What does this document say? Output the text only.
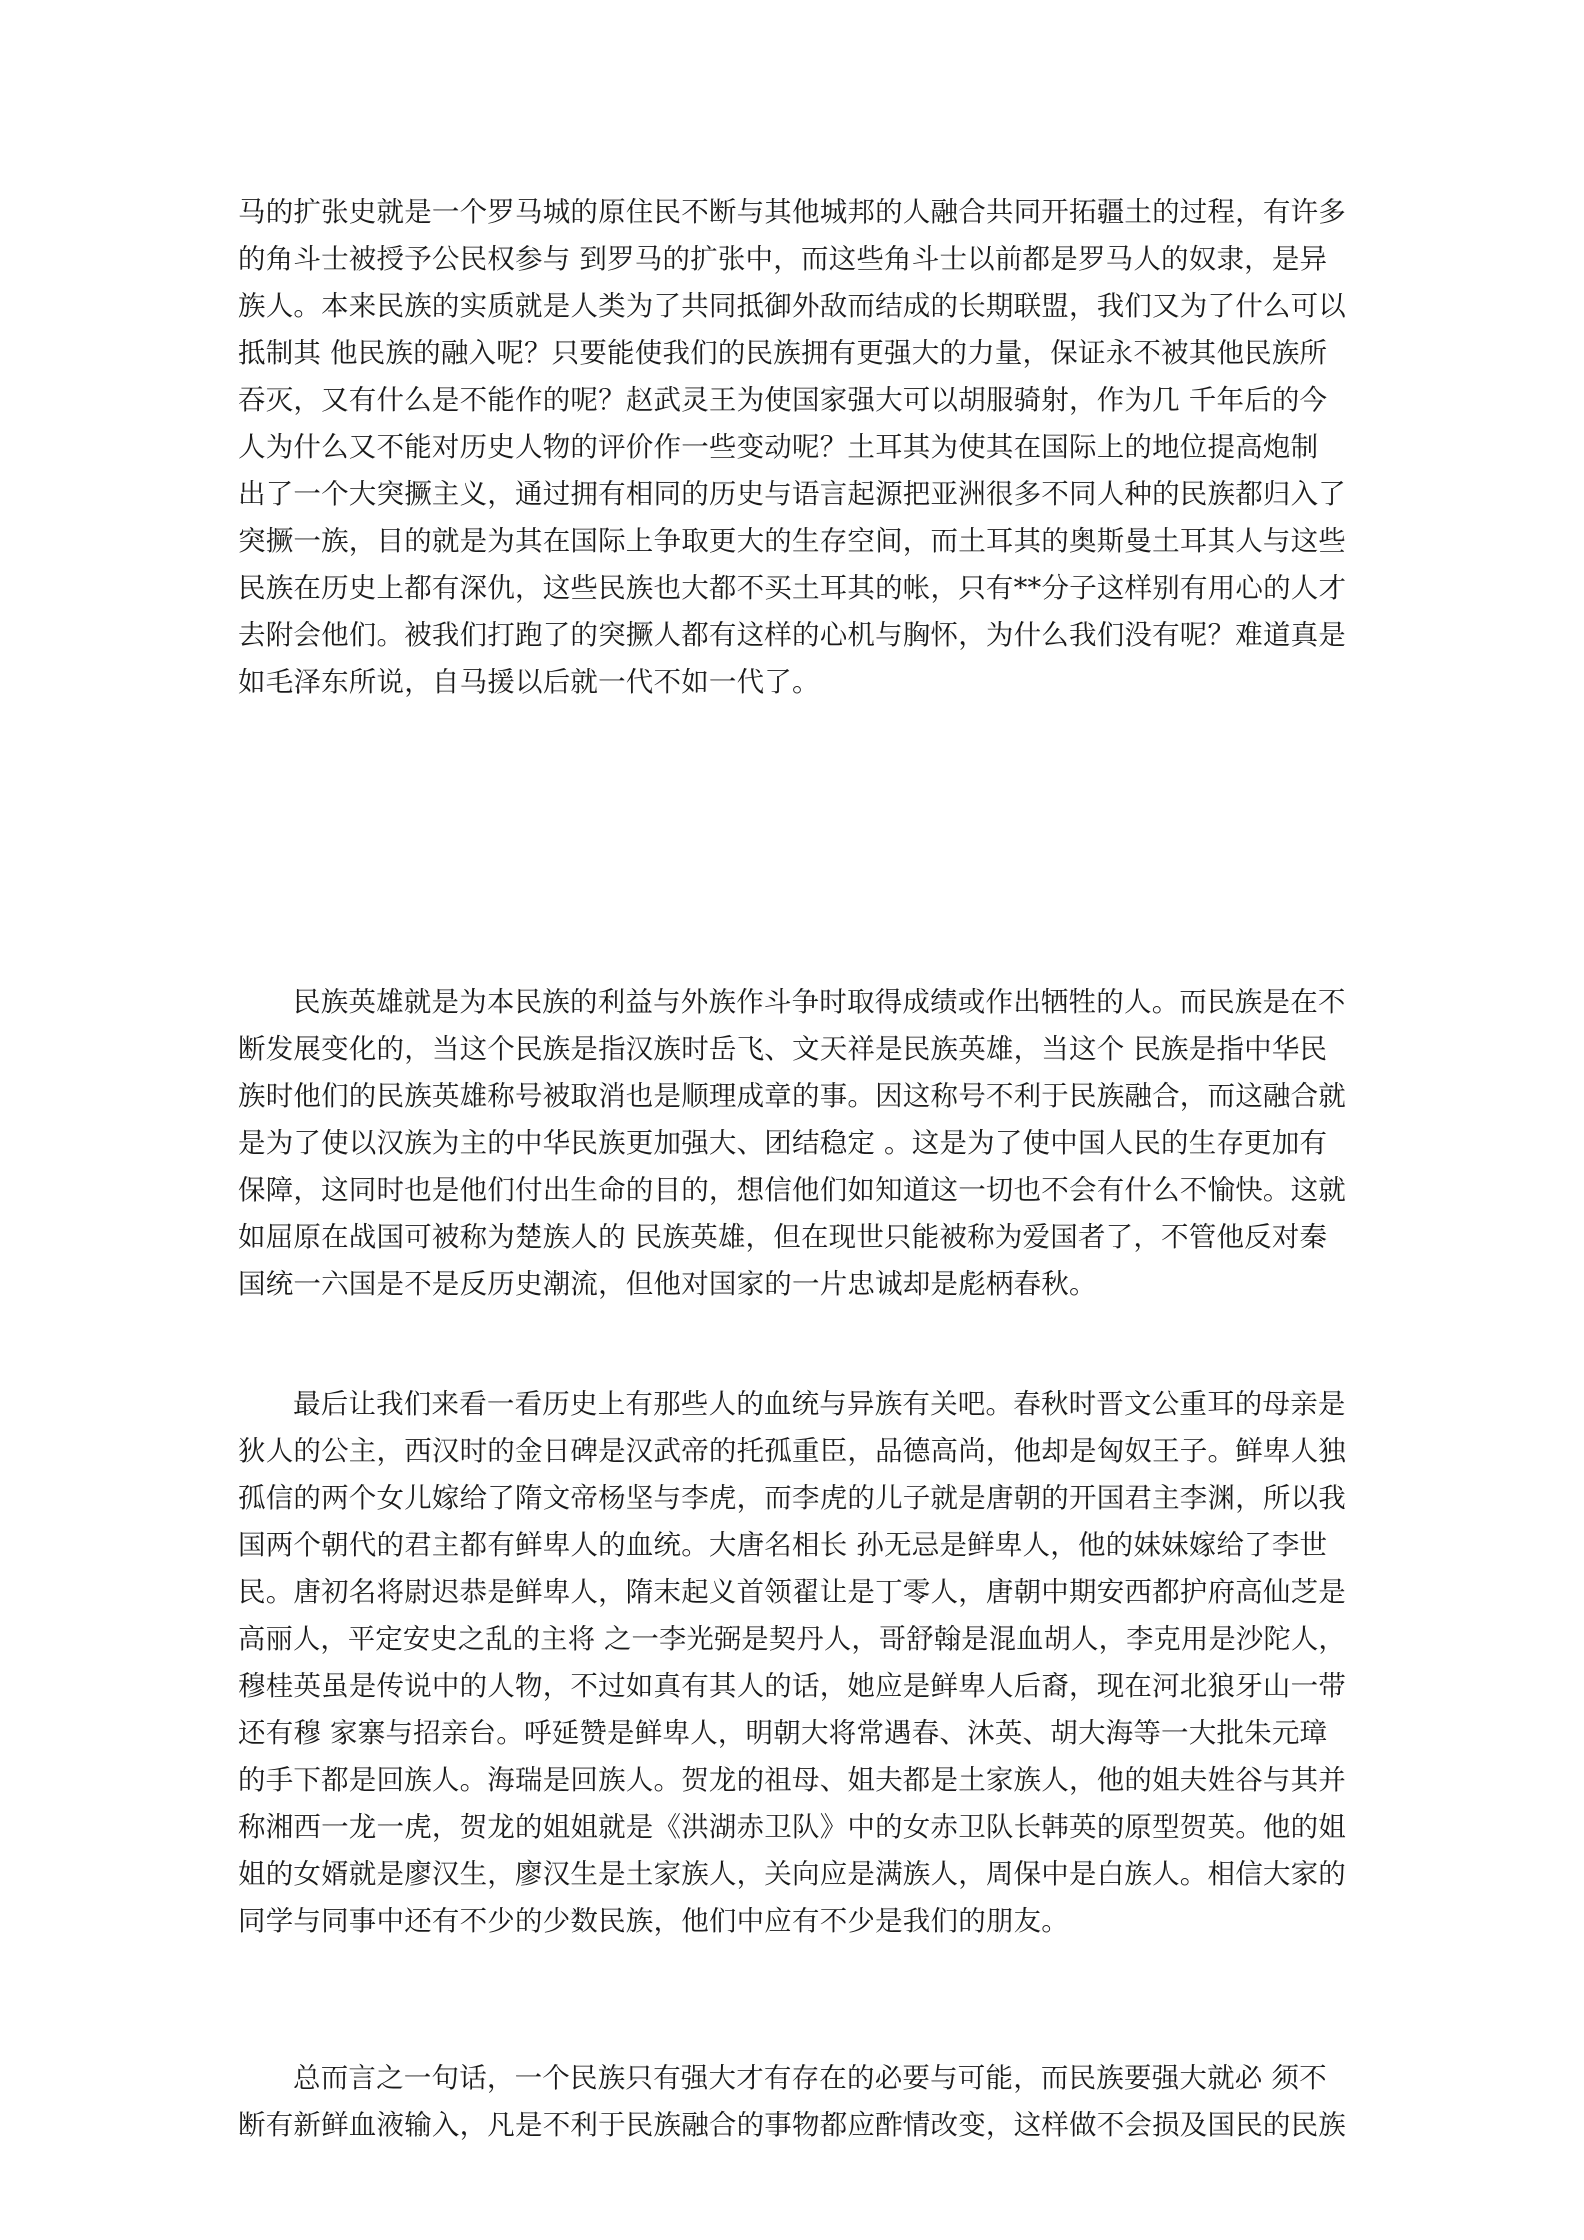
马的扩张史就是一个罗马城的原住民不断与其他城邦的人融合共同开拓疆土的过程，有许多
的角斗士被授予公民权参与 到罗马的扩张中，而这些角斗士以前都是罗马人的奴隶，是异
族人。本来民族的实质就是人类为了共同抵御外敌而结成的长期联盟，我们又为了什么可以
抵制其 他民族的融入呢？只要能使我们的民族拥有更强大的力量，保证永不被其他民族所
吞灭，又有什么是不能作的呢？赵武灵王为使国家强大可以胡服骑射，作为几 千年后的今
人为什么又不能对历史人物的评价作一些变动呢？土耳其为使其在国际上的地位提高炮制
出了一个大突撅主义，通过拥有相同的历史与语言起源把亚洲很多不同人种的民族都归入了
突撅一族，目的就是为其在国际上争取更大的生存空间，而土耳其的奥斯曼土耳其人与这些
民族在历史上都有深仇，这些民族也大都不买土耳其的帐，只有**分子这样别有用心的人才
去附会他们。被我们打跑了的突撅人都有这样的心机与胸怀，为什么我们没有呢？难道真是
如毛泽东所说，自马援以后就一代不如一代了。
民族英雄就是为本民族的利益与外族作斗争时取得成绩或作出牺牲的人。而民族是在不
断发展变化的，当这个民族是指汉族时岳飞、文天祥是民族英雄，当这个 民族是指中华民
族时他们的民族英雄称号被取消也是顺理成章的事。因这称号不利于民族融合，而这融合就
是为了使以汉族为主的中华民族更加强大、团结稳定 。这是为了使中国人民的生存更加有
保障，这同时也是他们付出生命的目的，想信他们如知道这一切也不会有什么不愉快。这就
如屈原在战国可被称为楚族人的 民族英雄，但在现世只能被称为爱国者了，不管他反对秦
国统一六国是不是反历史潮流，但他对国家的一片忠诚却是彪柄春秋。
最后让我们来看一看历史上有那些人的血统与异族有关吧。春秋时晋文公重耳的母亲是
狄人的公主，西汉时的金日碑是汉武帝的托孤重臣，品德高尚，他却是匈奴王子。鲜卑人独
孤信的两个女儿嫁给了隋文帝杨坚与李虎，而李虎的儿子就是唐朝的开国君主李渊，所以我
国两个朝代的君主都有鲜卑人的血统。大唐名相长 孙无忌是鲜卑人，他的妹妹嫁给了李世
民。唐初名将尉迟恭是鲜卑人，隋末起义首领翟让是丁零人，唐朝中期安西都护府高仙芝是
高丽人，平定安史之乱的主将 之一李光弼是契丹人，哥舒翰是混血胡人，李克用是沙陀人，
穆桂英虽是传说中的人物，不过如真有其人的话，她应是鲜卑人后裔，现在河北狼牙山一带
还有穆 家寨与招亲台。呼延赞是鲜卑人，明朝大将常遇春、沐英、胡大海等一大批朱元璋
的手下都是回族人。海瑞是回族人。贺龙的祖母、姐夫都是土家族人，他的姐夫姓谷与其并
称湘西一龙一虎，贺龙的姐姐就是《洪湖赤卫队》中的女赤卫队长韩英的原型贺英。他的姐
姐的女婿就是廖汉生，廖汉生是土家族人，关向应是满族人，周保中是白族人。相信大家的
同学与同事中还有不少的少数民族，他们中应有不少是我们的朋友。
总而言之一句话，一个民族只有强大才有存在的必要与可能，而民族要强大就必 须不
断有新鲜血液输入，凡是不利于民族融合的事物都应酢情改变，这样做不会损及国民的民族
